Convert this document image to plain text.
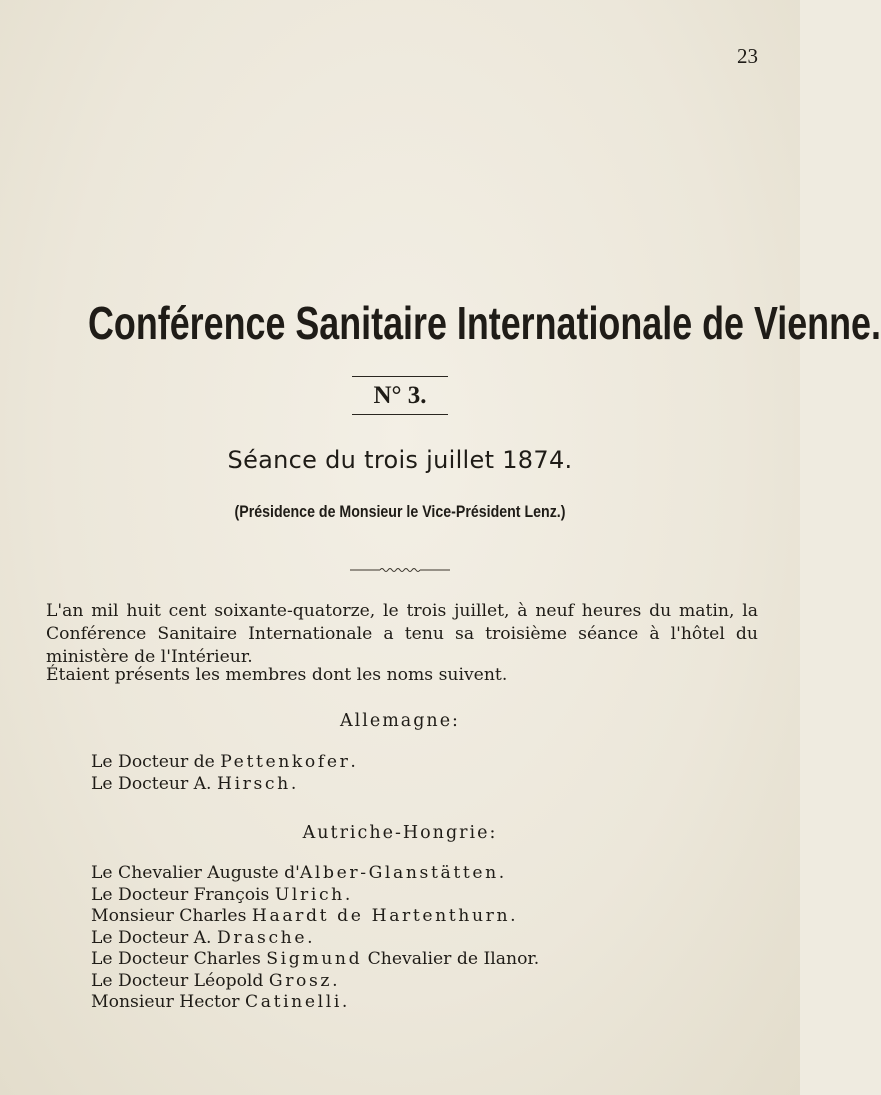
23
Conférence Sanitaire Internationale de Vienne.
N° 3.
Séance du trois juillet 1874.
(Présidence de Monsieur le Vice-Président Lenz.)
L'an mil huit cent soixante-quatorze, le trois juillet, à neuf heures du matin, la Conférence Sanitaire Internationale a tenu sa troisième séance à l'hôtel du ministère de l'Intérieur.
Étaient présents les membres dont les noms suivent.
Allemagne:
Le Docteur de Pettenkofer.
Le Docteur A. Hirsch.
Autriche-Hongrie:
Le Chevalier Auguste d'Alber-Glanstätten.
Le Docteur François Ulrich.
Monsieur Charles Haardt de Hartenthurn.
Le Docteur A. Drasche.
Le Docteur Charles Sigmund Chevalier de Ilanor.
Le Docteur Léopold Grosz.
Monsieur Hector Catinelli.
